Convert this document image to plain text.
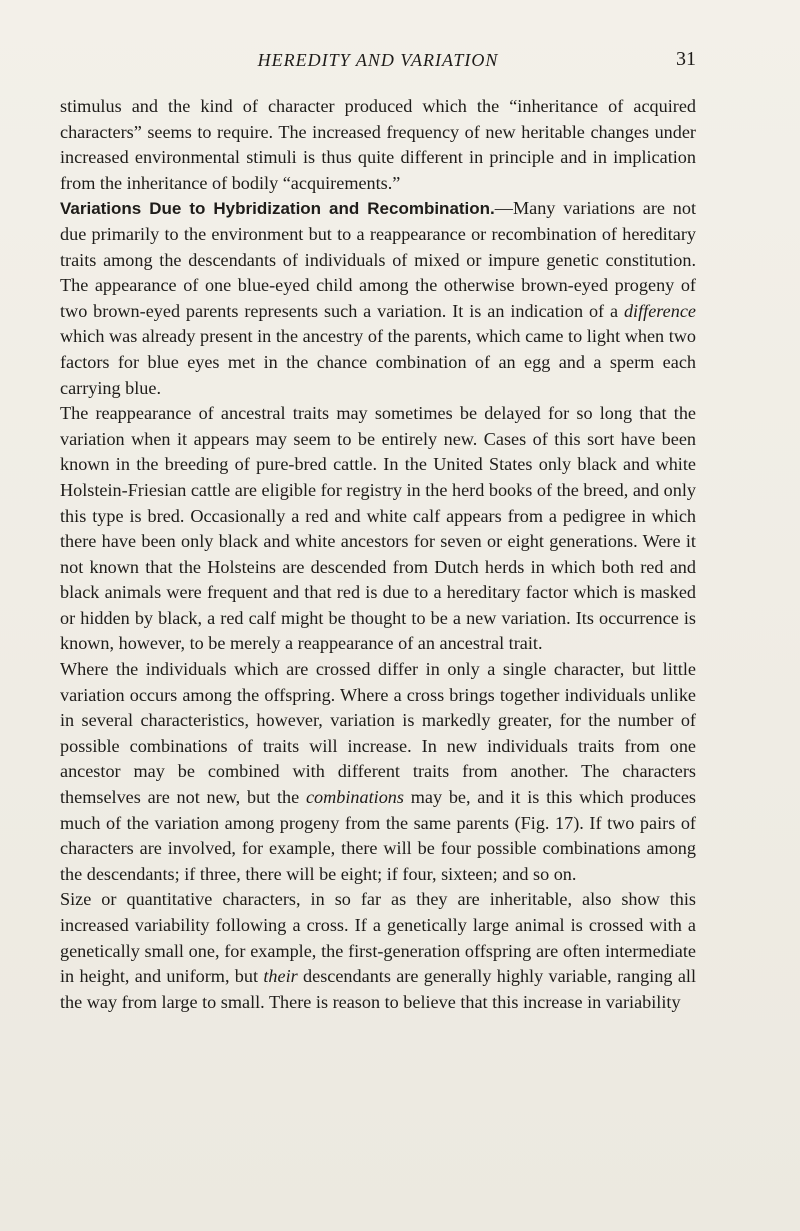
HEREDITY AND VARIATION	31

stimulus and the kind of character produced which the “inheritance of acquired characters” seems to require. The increased frequency of new heritable changes under increased environmental stimuli is thus quite different in principle and in implication from the inheritance of bodily “acquirements.”

Variations Due to Hybridization and Recombination.—Many variations are not due primarily to the environment but to a reappearance or recombination of hereditary traits among the descendants of individuals of mixed or impure genetic constitution. The appearance of one blue-eyed child among the otherwise brown-eyed progeny of two brown-eyed parents represents such a variation. It is an indication of a difference which was already present in the ancestry of the parents, which came to light when two factors for blue eyes met in the chance combination of an egg and a sperm each carrying blue.

The reappearance of ancestral traits may sometimes be delayed for so long that the variation when it appears may seem to be entirely new. Cases of this sort have been known in the breeding of pure-bred cattle. In the United States only black and white Holstein-Friesian cattle are eligible for registry in the herd books of the breed, and only this type is bred. Occasionally a red and white calf appears from a pedigree in which there have been only black and white ancestors for seven or eight generations. Were it not known that the Holsteins are descended from Dutch herds in which both red and black animals were frequent and that red is due to a hereditary factor which is masked or hidden by black, a red calf might be thought to be a new variation. Its occurrence is known, however, to be merely a reappearance of an ancestral trait.

Where the individuals which are crossed differ in only a single character, but little variation occurs among the offspring. Where a cross brings together individuals unlike in several characteristics, however, variation is markedly greater, for the number of possible combinations of traits will increase. In new individuals traits from one ancestor may be combined with different traits from another. The characters themselves are not new, but the combinations may be, and it is this which produces much of the variation among progeny from the same parents (Fig. 17). If two pairs of characters are involved, for example, there will be four possible combinations among the descendants; if three, there will be eight; if four, sixteen; and so on.

Size or quantitative characters, in so far as they are inheritable, also show this increased variability following a cross. If a genetically large animal is crossed with a genetically small one, for example, the first-generation offspring are often intermediate in height, and uniform, but their descendants are generally highly variable, ranging all the way from large to small. There is reason to believe that this increase in variability
